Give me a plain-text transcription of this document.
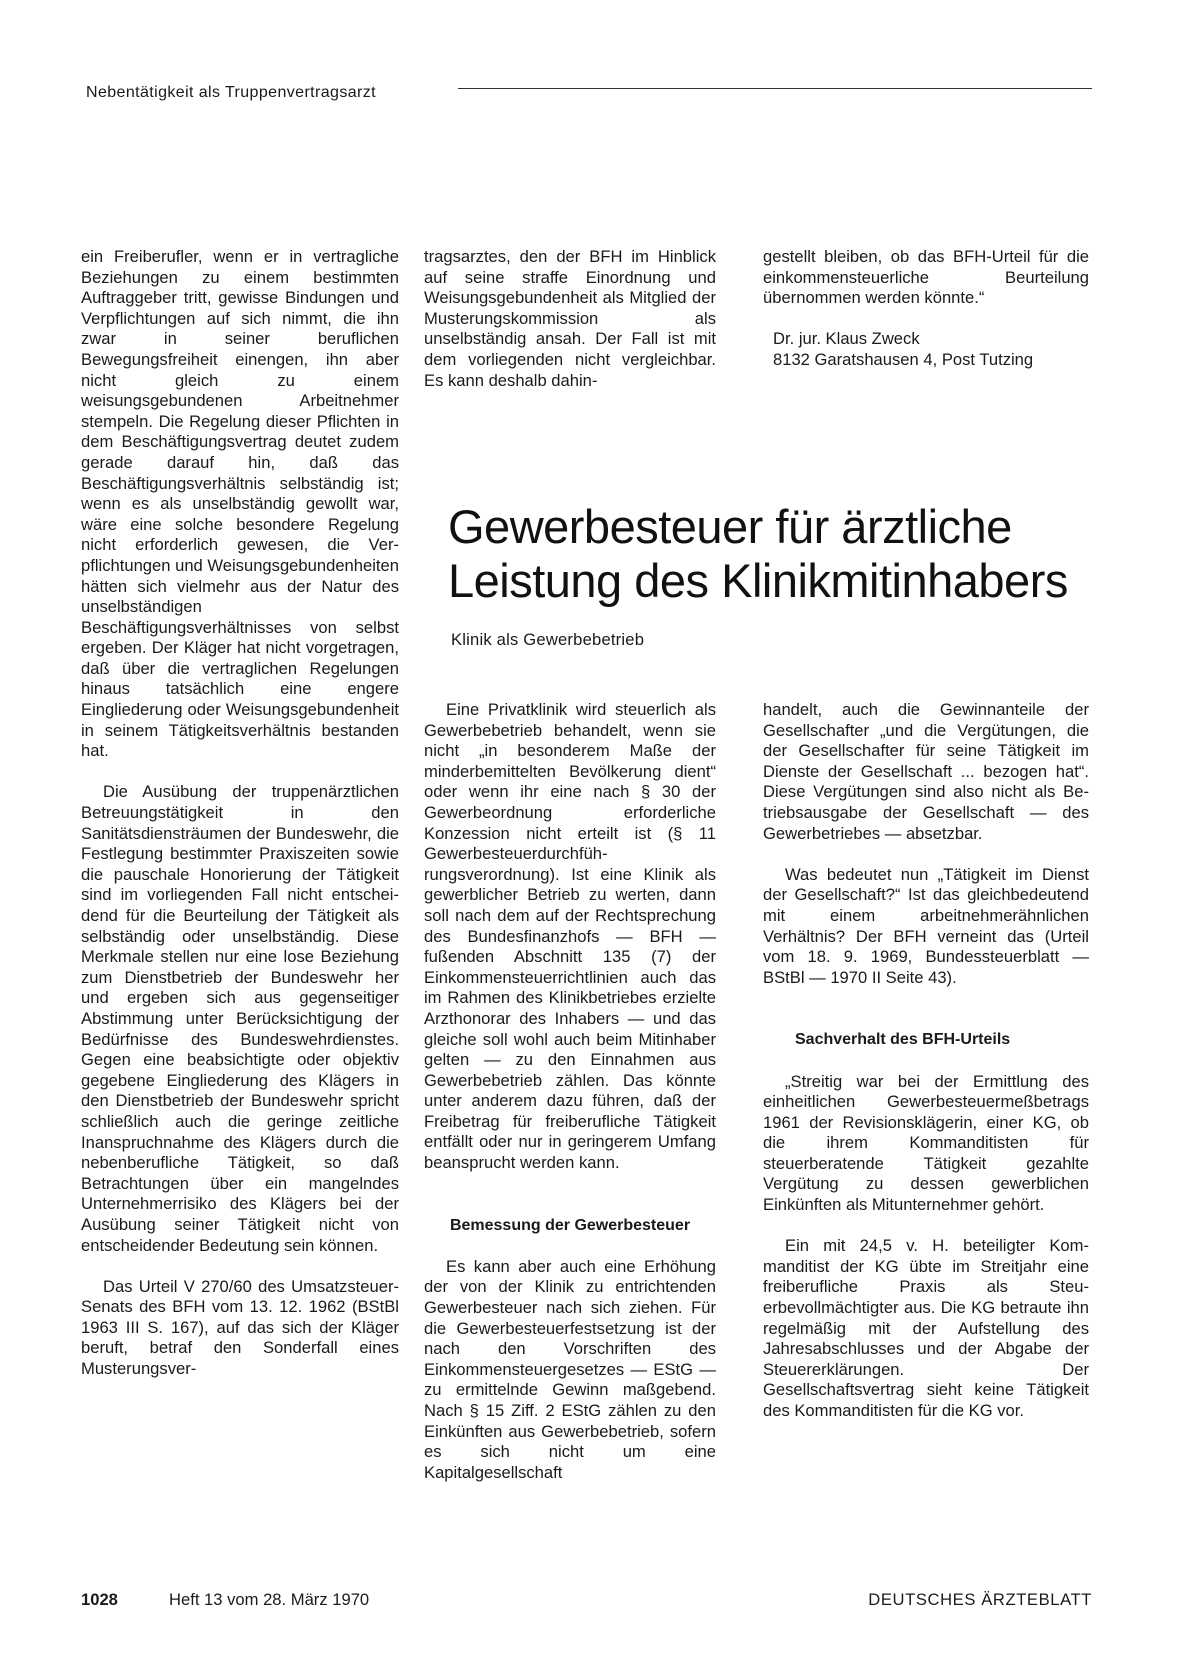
Nebentätigkeit als Truppenvertragsarzt

ein Freiberufler, wenn er in vertragliche Beziehungen zu einem bestimmten Auftraggeber tritt, gewisse Bindungen und Verpflichtungen auf sich nimmt, die ihn zwar in seiner beruflichen Bewegungsfreiheit einengen, ihn aber nicht gleich zu einem weisungsgebundenen Arbeitnehmer stempeln. Die Regelung dieser Pflichten in dem Beschäftigungsvertrag deutet zudem gerade darauf hin, daß das Beschäftigungsverhältnis selbständig ist; wenn es als unselbständig gewollt war, wäre eine solche besondere Regelung nicht erforderlich gewesen, die Verpflichtungen und Weisungsgebundenheiten hätten sich vielmehr aus der Natur des unselbständigen Beschäftigungsverhältnisses von selbst ergeben. Der Kläger hat nicht vorgetragen, daß über die vertraglichen Regelungen hinaus tatsächlich eine engere Eingliederung oder Weisungsgebundenheit in seinem Tätigkeitsverhältnis bestanden hat.

Die Ausübung der truppenärztlichen Betreuungstätigkeit in den Sanitätsdiensträumen der Bundeswehr, die Festlegung bestimmter Praxiszeiten sowie die pauschale Honorierung der Tätigkeit sind im vorliegenden Fall nicht entscheidend für die Beurteilung der Tätigkeit als selbständig oder unselbständig. Diese Merkmale stellen nur eine lose Beziehung zum Dienstbetrieb der Bundeswehr her und ergeben sich aus gegenseitiger Abstimmung unter Berücksichtigung der Bedürfnisse des Bundeswehrdienstes. Gegen eine beabsichtigte oder objektiv gegebene Eingliederung des Klägers in den Dienstbetrieb der Bundeswehr spricht schließlich auch die geringe zeitliche Inanspruchnahme des Klägers durch die nebenberufliche Tätigkeit, so daß Betrachtungen über ein mangelndes Unternehmerrisiko des Klägers bei der Ausübung seiner Tätigkeit nicht von entscheidender Bedeutung sein können.

Das Urteil V 270/60 des Umsatzsteuer-Senats des BFH vom 13. 12. 1962 (BStBl 1963 III S. 167), auf das sich der Kläger beruft, betraf den Sonderfall eines Musterungsver-

tragsarztes, den der BFH im Hinblick auf seine straffe Einordnung und Weisungsgebundenheit als Mitglied der Musterungskommission als unselbständig ansah. Der Fall ist mit dem vorliegenden nicht vergleichbar. Es kann deshalb dahin-

gestellt bleiben, ob das BFH-Urteil für die einkommensteuerliche Beurteilung übernommen werden könnte.“

Dr. jur. Klaus Zweck

8132 Garatshausen 4, Post Tutzing

Gewerbesteuer für ärztliche
Leistung des Klinikmitinhabers
Klinik als Gewerbebetrieb

Eine Privatklinik wird steuerlich als Gewerbebetrieb behandelt, wenn sie nicht „in besonderem Maße der minderbemittelten Bevölkerung dient“ oder wenn ihr eine nach § 30 der Gewerbeordnung erforderliche Konzession nicht erteilt ist (§ 11 Gewerbesteuerdurchführungsverordnung). Ist eine Klinik als gewerblicher Betrieb zu werten, dann soll nach dem auf der Rechtsprechung des Bundesfinanzhofs — BFH — fußenden Abschnitt 135 (7) der Einkommensteuerrichtlinien auch das im Rahmen des Klinikbetriebes erzielte Arzthonorar des Inhabers — und das gleiche soll wohl auch beim Mitinhaber gelten — zu den Einnahmen aus Gewerbebetrieb zählen. Das könnte unter anderem dazu führen, daß der Freibetrag für freiberufliche Tätigkeit entfällt oder nur in geringerem Umfang beansprucht werden kann.

Bemessung der Gewerbesteuer

Es kann aber auch eine Erhöhung der von der Klinik zu entrichtenden Gewerbesteuer nach sich ziehen. Für die Gewerbesteuerfestsetzung ist der nach den Vorschriften des Einkommensteuergesetzes — EStG — zu ermittelnde Gewinn maßgebend. Nach § 15 Ziff. 2 EStG zählen zu den Einkünften aus Gewerbebetrieb, sofern es sich nicht um eine Kapitalgesellschaft

handelt, auch die Gewinnanteile der Gesellschafter „und die Vergütungen, die der Gesellschafter für seine Tätigkeit im Dienste der Gesellschaft ... bezogen hat“. Diese Vergütungen sind also nicht als Betriebsausgabe der Gesellschaft — des Gewerbetriebes — absetzbar.

Was bedeutet nun „Tätigkeit im Dienst der Gesellschaft?“ Ist das gleichbedeutend mit einem arbeitnehmerähnlichen Verhältnis? Der BFH verneint das (Urteil vom 18. 9. 1969, Bundessteuerblatt — BStBl — 1970 II Seite 43).

Sachverhalt des BFH-Urteils

„Streitig war bei der Ermittlung des einheitlichen Gewerbesteuermeßbetrags 1961 der Revisionsklägerin, einer KG, ob die ihrem Kommanditisten für steuerberatende Tätigkeit gezahlte Vergütung zu dessen gewerblichen Einkünften als Mitunternehmer gehört.

Ein mit 24,5 v. H. beteiligter Kommanditist der KG übte im Streitjahr eine freiberufliche Praxis als Steuerbevollmächtigter aus. Die KG betraute ihn regelmäßig mit der Aufstellung des Jahresabschlusses und der Abgabe der Steuererklärungen. Der Gesellschaftsvertrag sieht keine Tätigkeit des Kommanditisten für die KG vor.

1028	Heft 13 vom 28. März 1970	DEUTSCHES ÄRZTEBLATT
